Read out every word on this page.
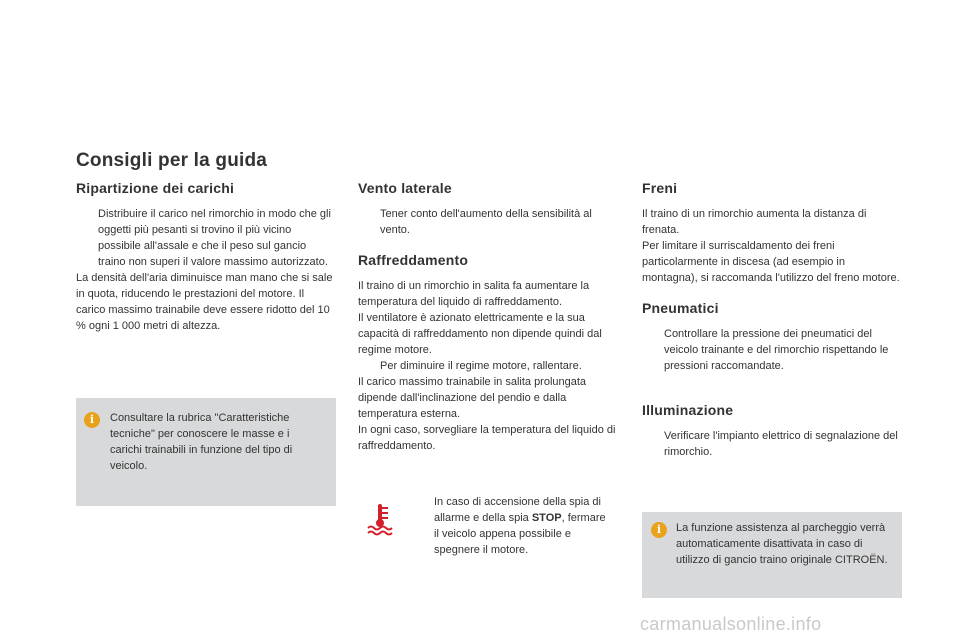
Consigli per la guida
Ripartizione dei carichi
Distribuire il carico nel rimorchio in modo che gli oggetti più pesanti si trovino il più vicino possibile all'assale e che il peso sul gancio traino non superi il valore massimo autorizzato.

La densità dell'aria diminuisce man mano che si sale in quota, riducendo le prestazioni del motore. Il carico massimo trainabile deve essere ridotto del 10 % ogni 1 000 metri di altezza.

Consultare la rubrica "Caratteristiche tecniche" per conoscere le masse e i carichi trainabili in funzione del tipo di veicolo.
i
Vento laterale
Tener conto dell'aumento della sensibilità al vento.
Raffreddamento

Il traino di un rimorchio in salita fa aumentare la temperatura del liquido di raffreddamento.

Il ventilatore è azionato elettricamente e la sua capacità di raffreddamento non dipende quindi dal regime motore.

Per diminuire il regime motore, rallentare.

Il carico massimo trainabile in salita prolungata dipende dall'inclinazione del pendio e dalla temperatura esterna.

In ogni caso, sorvegliare la temperatura del liquido di raffreddamento.

In caso di accensione della spia di allarme e della spia STOP, fermare il veicolo appena possibile e spegnere il motore.
Freni

Il traino di un rimorchio aumenta la distanza di frenata.

Per limitare il surriscaldamento dei freni particolarmente in discesa (ad esempio in montagna), si raccomanda l'utilizzo del freno motore.

Pneumatici
Controllare la pressione dei pneumatici del veicolo trainante e del rimorchio rispettando le pressioni raccomandate.
Illuminazione
Verificare l'impianto elettrico di segnalazione del rimorchio.
La funzione assistenza al parcheggio verrà automaticamente disattivata in caso di utilizzo di gancio traino originale CITROËN.
i
carmanualsonline.info
